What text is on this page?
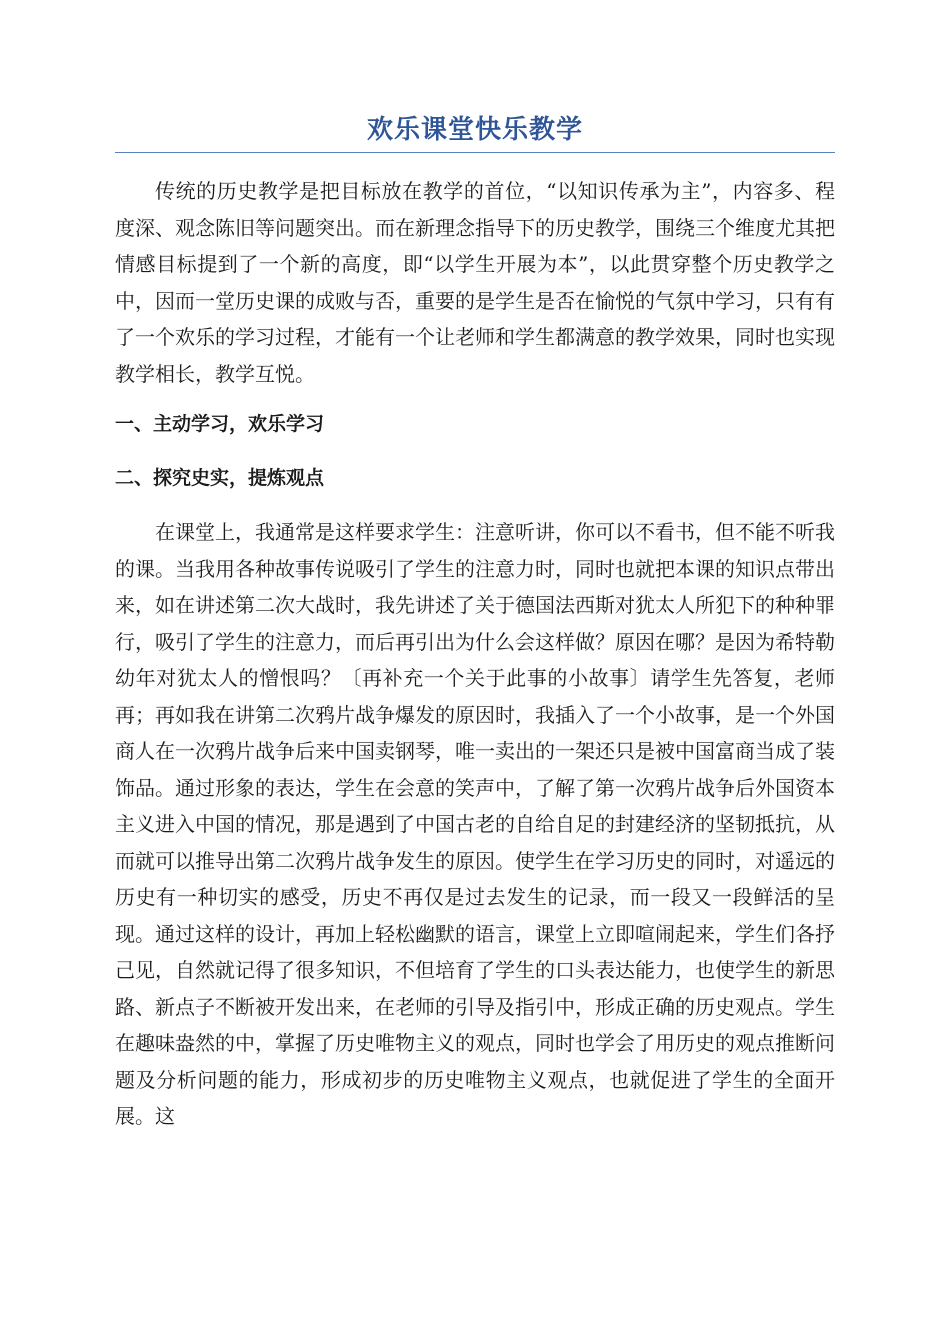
欢乐课堂快乐教学

传统的历史教学是把目标放在教学的首位，“以知识传承为主”，内容多、程度深、观念陈旧等问题突出。而在新理念指导下的历史教学，围绕三个维度尤其把情感目标提到了一个新的高度，即“以学生开展为本”，以此贯穿整个历史教学之中，因而一堂历史课的成败与否，重要的是学生是否在愉悦的气氛中学习，只有有了一个欢乐的学习过程，才能有一个让老师和学生都满意的教学效果，同时也实现教学相长，教学互悦。

一、主动学习，欢乐学习
二、探究史实，提炼观点

在课堂上，我通常是这样要求学生：注意听讲，你可以不看书，但不能不听我的课。当我用各种故事传说吸引了学生的注意力时，同时也就把本课的知识点带出来，如在讲述第二次大战时，我先讲述了关于德国法西斯对犹太人所犯下的种种罪行，吸引了学生的注意力，而后再引出为什么会这样做？原因在哪？是因为希特勒幼年对犹太人的憎恨吗？〔再补充一个关于此事的小故事〕请学生先答复，老师再；再如我在讲第二次鸦片战争爆发的原因时，我插入了一个小故事，是一个外国商人在一次鸦片战争后来中国卖钢琴，唯一卖出的一架还只是被中国富商当成了装饰品。通过形象的表达，学生在会意的笑声中，了解了第一次鸦片战争后外国资本主义进入中国的情况，那是遇到了中国古老的自给自足的封建经济的坚韧抵抗，从而就可以推导出第二次鸦片战争发生的原因。使学生在学习历史的同时，对遥远的历史有一种切实的感受，历史不再仅是过去发生的记录，而一段又一段鲜活的呈现。通过这样的设计，再加上轻松幽默的语言，课堂上立即喧闹起来，学生们各抒己见，自然就记得了很多知识，不但培育了学生的口头表达能力，也使学生的新思路、新点子不断被开发出来，在老师的引导及指引中，形成正确的历史观点。学生在趣味盎然的中，掌握了历史唯物主义的观点，同时也学会了用历史的观点推断问题及分析问题的能力，形成初步的历史唯物主义观点，也就促进了学生的全面开展。这
